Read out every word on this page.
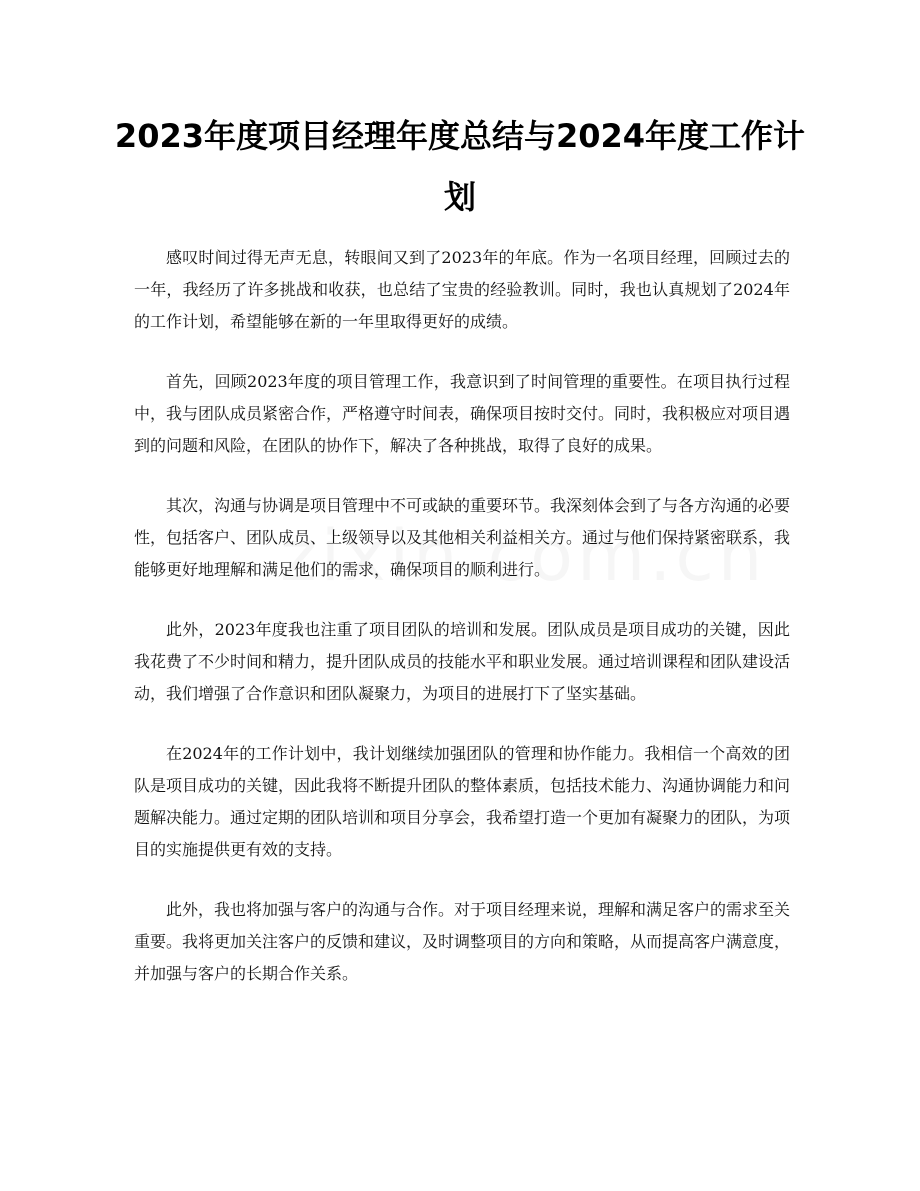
2023年度项目经理年度总结与2024年度工作计划

感叹时间过得无声无息，转眼间又到了2023年的年底。作为一名项目经理，回顾过去的一年，我经历了许多挑战和收获，也总结了宝贵的经验教训。同时，我也认真规划了2024年的工作计划，希望能够在新的一年里取得更好的成绩。

首先，回顾2023年度的项目管理工作，我意识到了时间管理的重要性。在项目执行过程中，我与团队成员紧密合作，严格遵守时间表，确保项目按时交付。同时，我积极应对项目遇到的问题和风险，在团队的协作下，解决了各种挑战，取得了良好的成果。

其次，沟通与协调是项目管理中不可或缺的重要环节。我深刻体会到了与各方沟通的必要性，包括客户、团队成员、上级领导以及其他相关利益相关方。通过与他们保持紧密联系，我能够更好地理解和满足他们的需求，确保项目的顺利进行。

此外，2023年度我也注重了项目团队的培训和发展。团队成员是项目成功的关键，因此我花费了不少时间和精力，提升团队成员的技能水平和职业发展。通过培训课程和团队建设活动，我们增强了合作意识和团队凝聚力，为项目的进展打下了坚实基础。

在2024年的工作计划中，我计划继续加强团队的管理和协作能力。我相信一个高效的团队是项目成功的关键，因此我将不断提升团队的整体素质，包括技术能力、沟通协调能力和问题解决能力。通过定期的团队培训和项目分享会，我希望打造一个更加有凝聚力的团队，为项目的实施提供更有效的支持。

此外，我也将加强与客户的沟通与合作。对于项目经理来说，理解和满足客户的需求至关重要。我将更加关注客户的反馈和建议，及时调整项目的方向和策略，从而提高客户满意度，并加强与客户的长期合作关系。
